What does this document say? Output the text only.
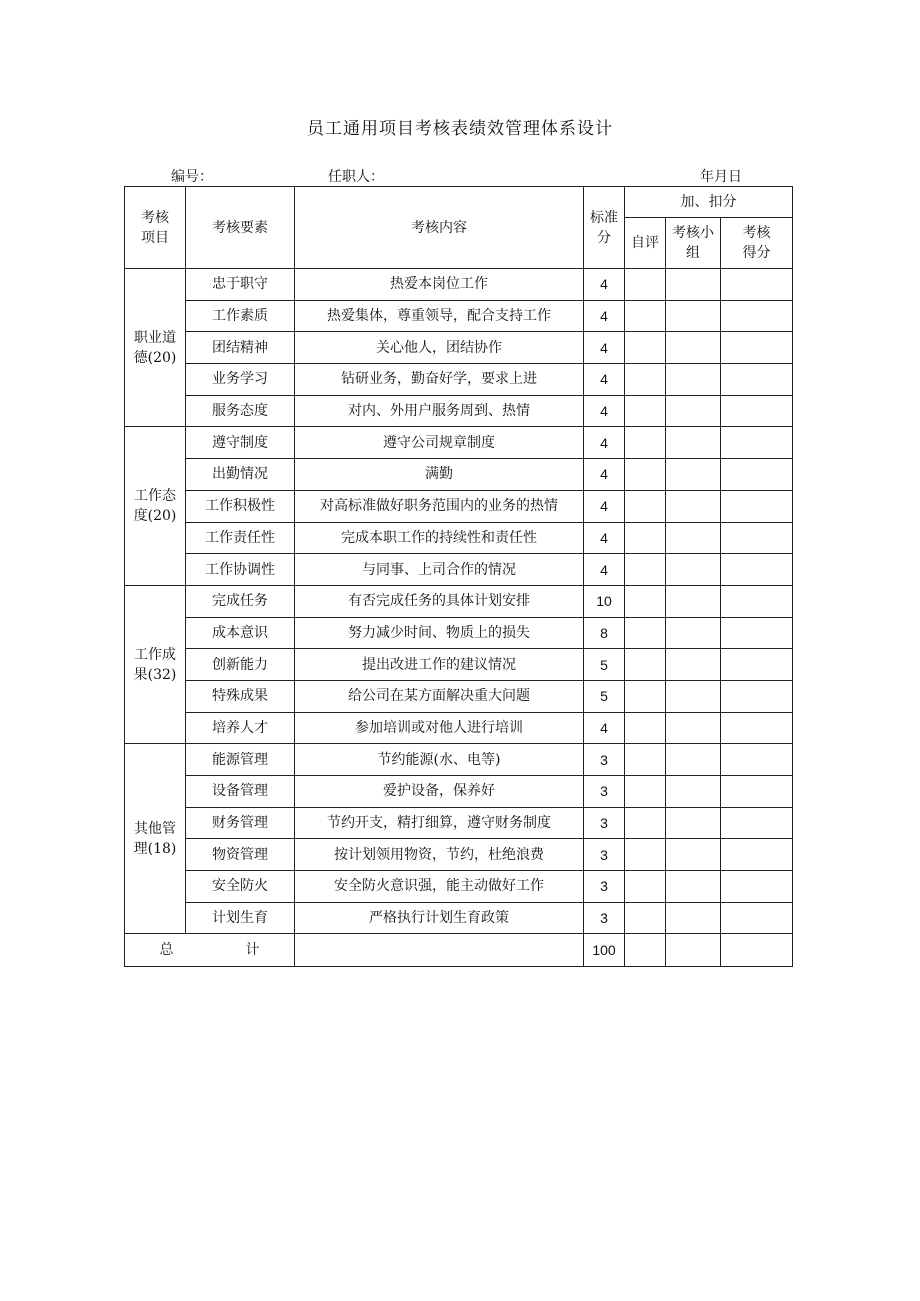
员工通用项目考核表绩效管理体系设计
编号：	任职人：	年月日
考核项目	考核要素	考核内容	标准分	加、扣分		
				自评	考核小组	考核得分

职业道德(20)	忠于职守	热爱本岗位工作	4			
	工作素质	热爱集体，尊重领导，配合支持工作	4			
	团结精神	关心他人，团结协作	4			
	业务学习	钻研业务，勤奋好学，要求上进	4			
	服务态度	对内、外用户服务周到、热情	4			

工作态度(20)	遵守制度	遵守公司规章制度	4			
	出勤情况	满勤	4			
	工作积极性	对高标准做好职务范围内的业务的热情	4			
	工作责任性	完成本职工作的持续性和责任性	4			
	工作协调性	与同事、上司合作的情况	4			

工作成果(32)	完成任务	有否完成任务的具体计划安排	10			
	成本意识	努力减少时间、物质上的损失	8			
	创新能力	提出改进工作的建议情况	5			
	特殊成果	给公司在某方面解决重大问题	5			
	培养人才	参加培训或对他人进行培训	4			

其他管理(18)	能源管理	节约能源(水、电等)	3			
	设备管理	爱护设备，保养好	3			
	财务管理	节约开支，精打细算，遵守财务制度	3			
	物资管理	按计划领用物资，节约，杜绝浪费	3			
	安全防火	安全防火意识强，能主动做好工作	3			
	计划生育	严格执行计划生育政策	3			
总 计			100			
